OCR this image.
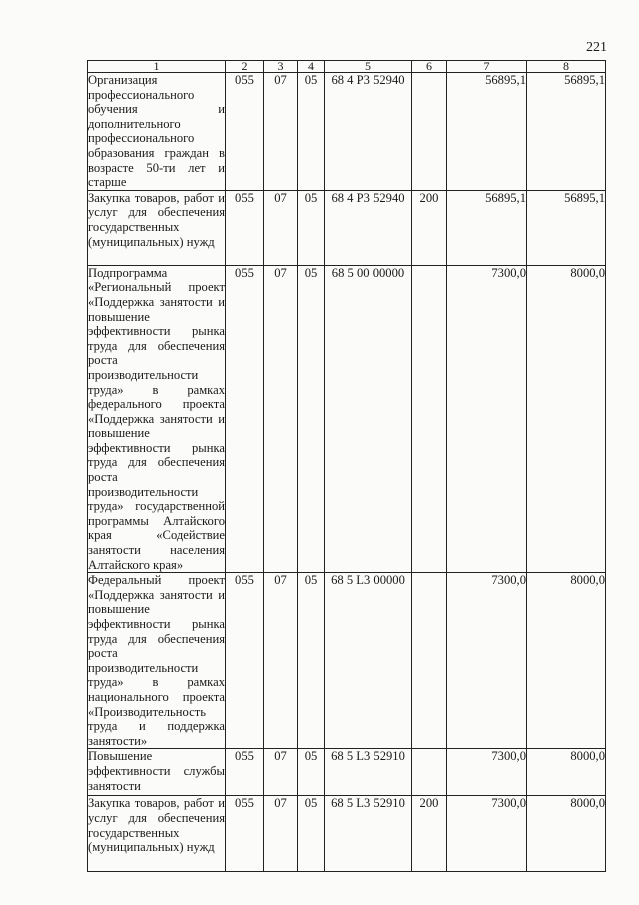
221
1	2	3	4	5	6	7	8
Организация профессионального обучения и дополнительного профессионального образования граждан в возрасте 50-ти лет и старше	055	07	05	68 4 P3 52940		56895,1	56895,1
Закупка товаров, работ и услуг для обеспечения государственных (муниципальных) нужд	055	07	05	68 4 P3 52940	200	56895,1	56895,1
Подпрограмма «Региональный проект «Поддержка занятости и повышение эффективности рынка труда для обеспечения роста производительности труда» в рамках федерального проекта «Поддержка занятости и повышение эффективности рынка труда для обеспечения роста производительности труда» государственной программы Алтайского края «Содействие занятости населения Алтайского края»	055	07	05	68 5 00 00000		7300,0	8000,0
Федеральный проект «Поддержка занятости и повышение эффективности рынка труда для обеспечения роста производительности труда» в рамках национального проекта «Производительность труда и поддержка занятости»	055	07	05	68 5 L3 00000		7300,0	8000,0
Повышение эффективности службы занятости	055	07	05	68 5 L3 52910		7300,0	8000,0
Закупка товаров, работ и услуг для обеспечения государственных (муниципальных) нужд	055	07	05	68 5 L3 52910	200	7300,0	8000,0
